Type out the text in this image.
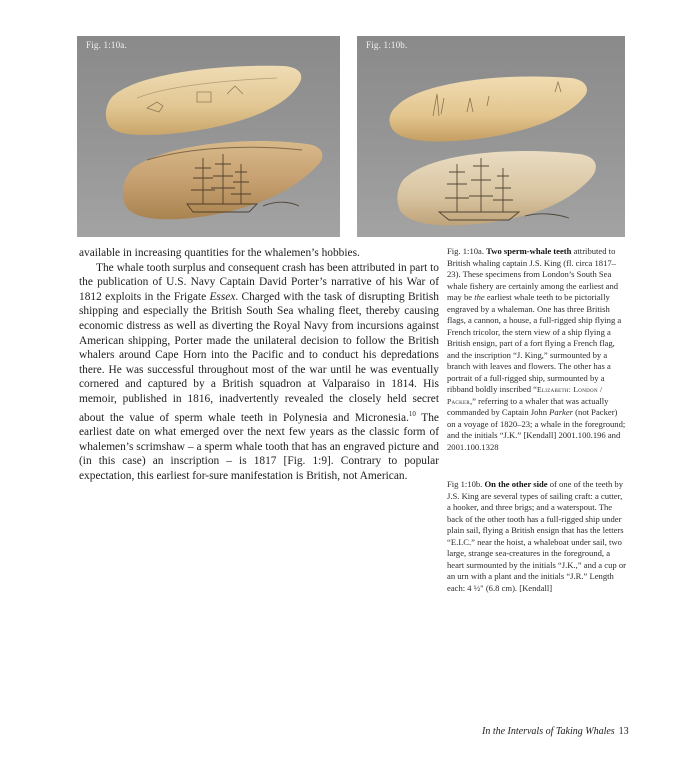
Fig. 1:10a.	Fig. 1:10b.

available in increasing quantities for the whalemen’s hobbies.

The whale tooth surplus and consequent crash has been attributed in part to the publication of U.S. Navy Captain David Porter’s narrative of his War of 1812 exploits in the Frigate Essex. Charged with the task of disrupting British shipping and especially the British South Sea whaling fleet, thereby causing economic distress as well as diverting the Royal Navy from incursions against American shipping, Porter made the unilateral decision to follow the British whalers around Cape Horn into the Pacific and to conduct his depredations there. He was successful throughout most of the war until he was eventually cornered and captured by a British squadron at Valparaiso in 1814. His memoir, published in 1816, inadvertently revealed the closely held secret about the value of sperm whale teeth in Polynesia and Micronesia.$^{10}$ The earliest date on what emerged over the next few years as the classic form of whalemen’s scrimshaw – a sperm whale tooth that has an engraved picture and (in this case) an inscription – is 1817 [Fig. 1:9]. Contrary to popular expectation, this earliest for-sure manifestation is British, not American.

Fig. 1:10a. Two sperm-whale teeth attributed to British whaling captain J.S. King (fl. circa 1817–23). These specimens from London’s South Sea whale fishery are certainly among the earliest and may be the earliest whale teeth to be pictorially engraved by a whaleman. One has three British flags, a cannon, a house, a full-rigged ship flying a French tricolor, the stern view of a ship flying a British ensign, part of a fort flying a French flag, and the inscription “J. King,” surmounted by a branch with leaves and flowers. The other has a portrait of a full-rigged ship, surmounted by a ribband boldly inscribed “Elizabeth: London / Packer,” referring to a whaler that was actually commanded by Captain John Parker (not Packer) on a voyage of 1820–23; a whale in the foreground; and the initials “J.K.” [Kendall] 2001.100.196 and 2001.100.1328
Fig 1:10b. On the other side of one of the teeth by J.S. King are several types of sailing craft: a cutter, a hooker, and three brigs; and a waterspout. The back of the other tooth has a full-rigged ship under plain sail, flying a British ensign that has the letters “E.I.C.” near the hoist, a whaleboat under sail, two large, strange sea-creatures in the foreground, a heart surmounted by the initials “J.K.,” and a cup or an urn with a plant and the initials “J.R.” Length each: 4 ½" (6.8 cm). [Kendall]
In the Intervals of Taking Whales 13
